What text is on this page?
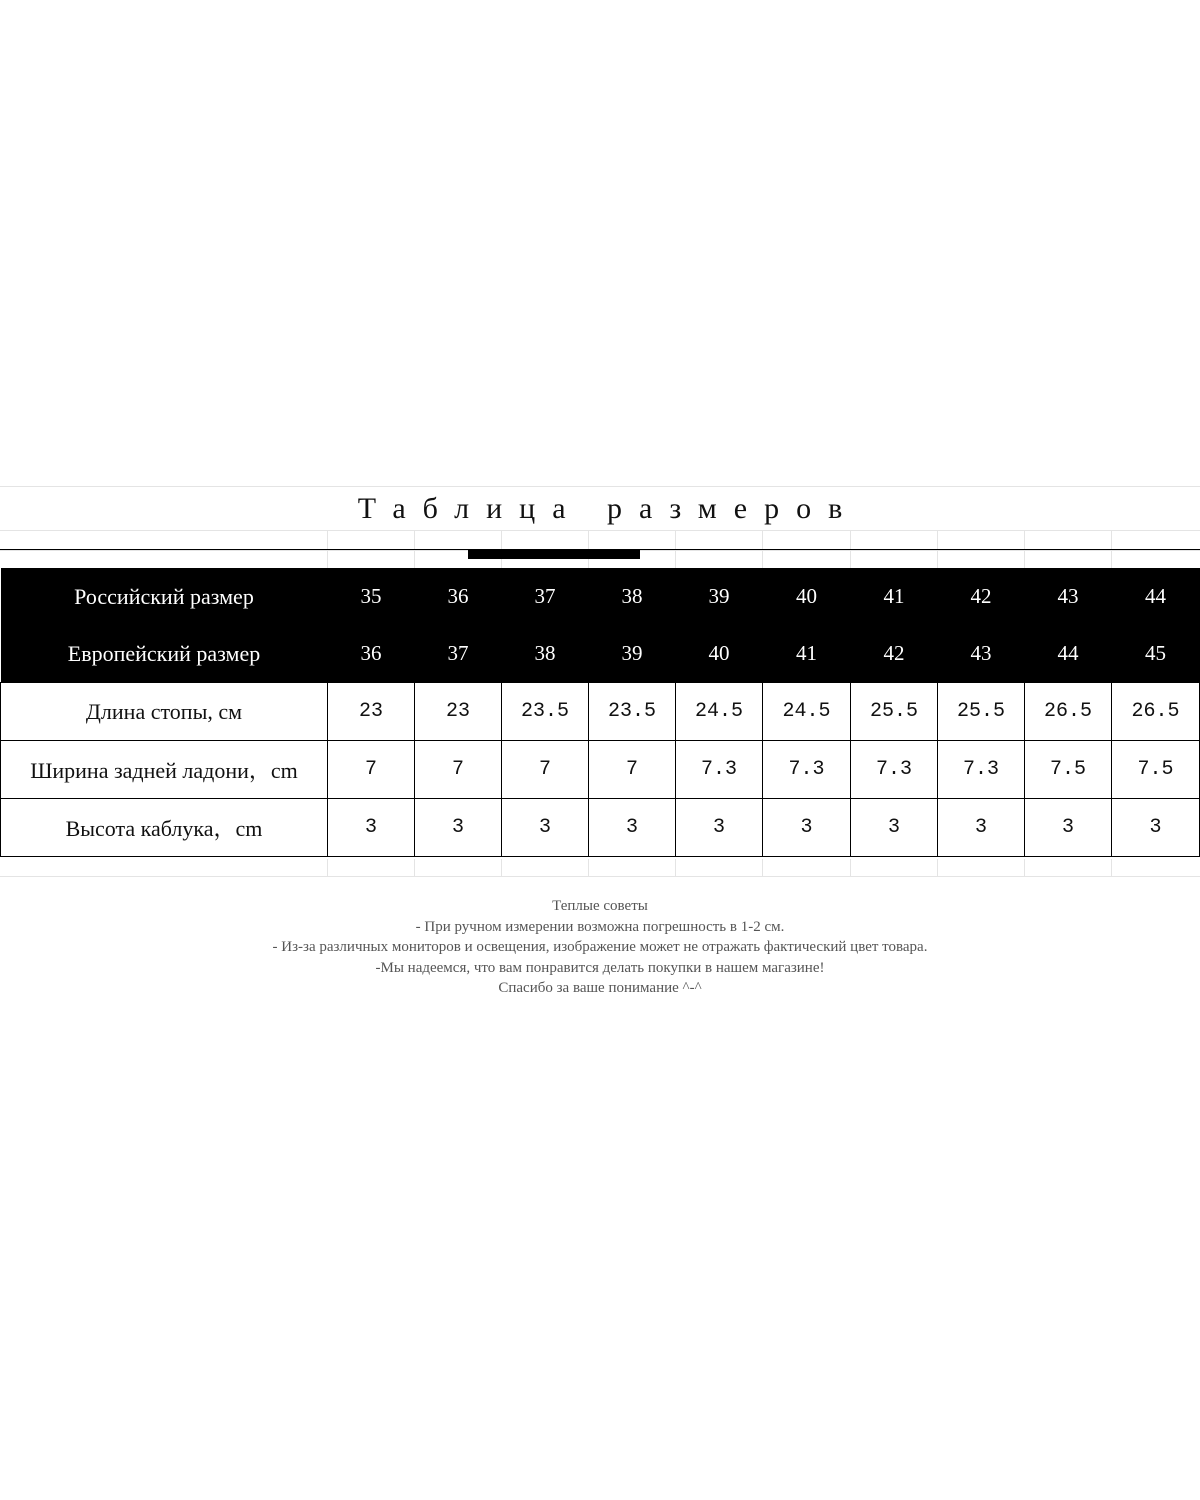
Таблица размеров
Российский размер	35	36	37	38	39	40	41	42	43	44
Европейский размер	36	37	38	39	40	41	42	43	44	45
Длина стопы, см	23	23	23.5	23.5	24.5	24.5	25.5	25.5	26.5	26.5
Ширина задней ладони，cm	7	7	7	7	7.3	7.3	7.3	7.3	7.5	7.5
Высота каблука，cm	3	3	3	3	3	3	3	3	3	3
Теплые советы
- При ручном измерении возможна погрешность в 1-2 см.
- Из-за различных мониторов и освещения, изображение может не отражать фактический цвет товара.
-Мы надеемся, что вам понравится делать покупки в нашем магазине!
Спасибо за ваше понимание ^-^
